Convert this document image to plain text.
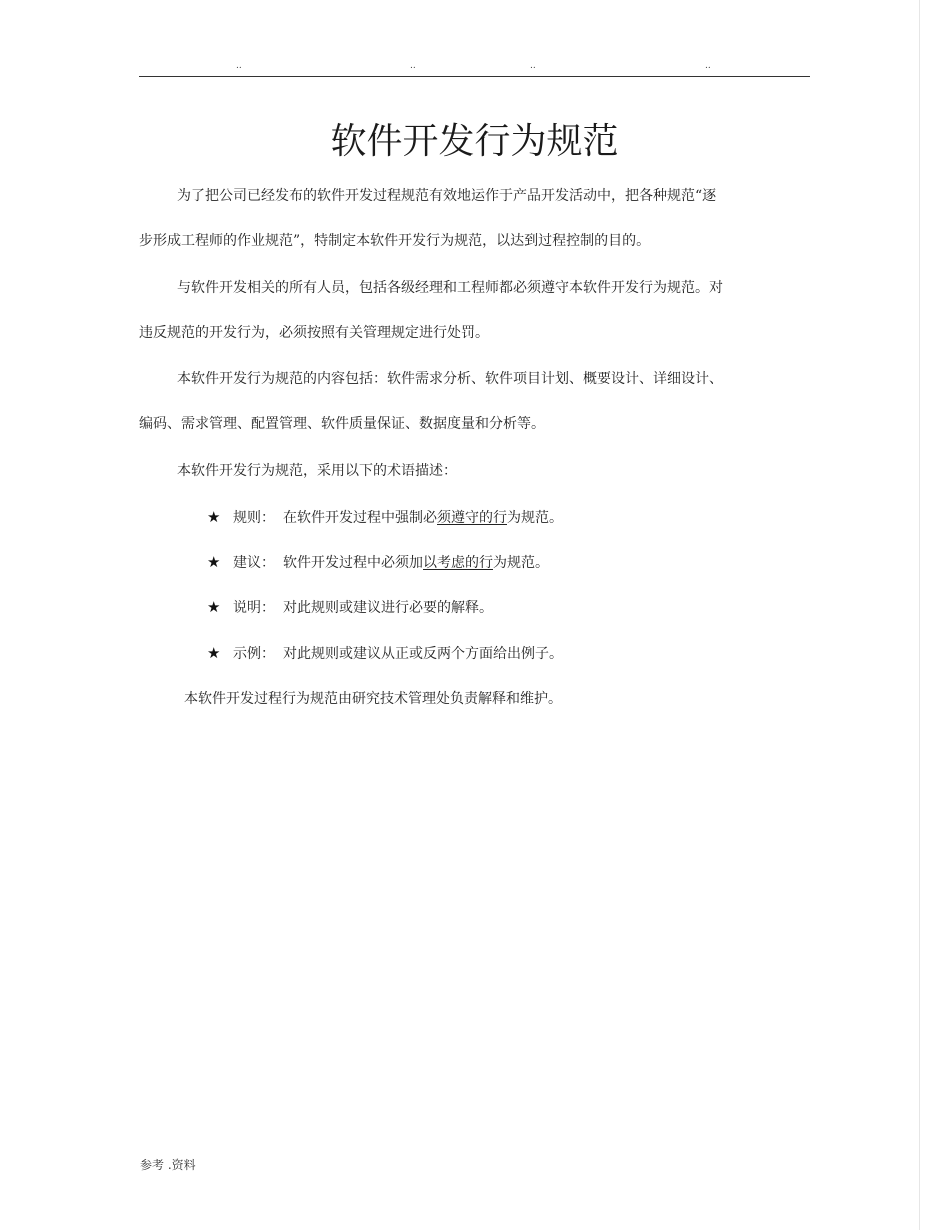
..	..	..	..
软件开发行为规范
为了把公司已经发布的软件开发过程规范有效地运作于产品开发活动中，把各种规范“逐
步形成工程师的作业规范”，特制定本软件开发行为规范，以达到过程控制的目的。
与软件开发相关的所有人员，包括各级经理和工程师都必须遵守本软件开发行为规范。对
违反规范的开发行为，必须按照有关管理规定进行处罚。
本软件开发行为规范的内容包括：软件需求分析、软件项目计划、概要设计、详细设计、
编码、需求管理、配置管理、软件质量保证、数据度量和分析等。
本软件开发行为规范，采用以下的术语描述：
★ 规则： 在软件开发过程中强制必须遵守的行为规范。
★ 建议： 软件开发过程中必须加以考虑的行为规范。
★ 说明： 对此规则或建议进行必要的解释。
★ 示例： 对此规则或建议从正或反两个方面给出例子。
本软件开发过程行为规范由研究技术管理处负责解释和维护。
参考 .资料
